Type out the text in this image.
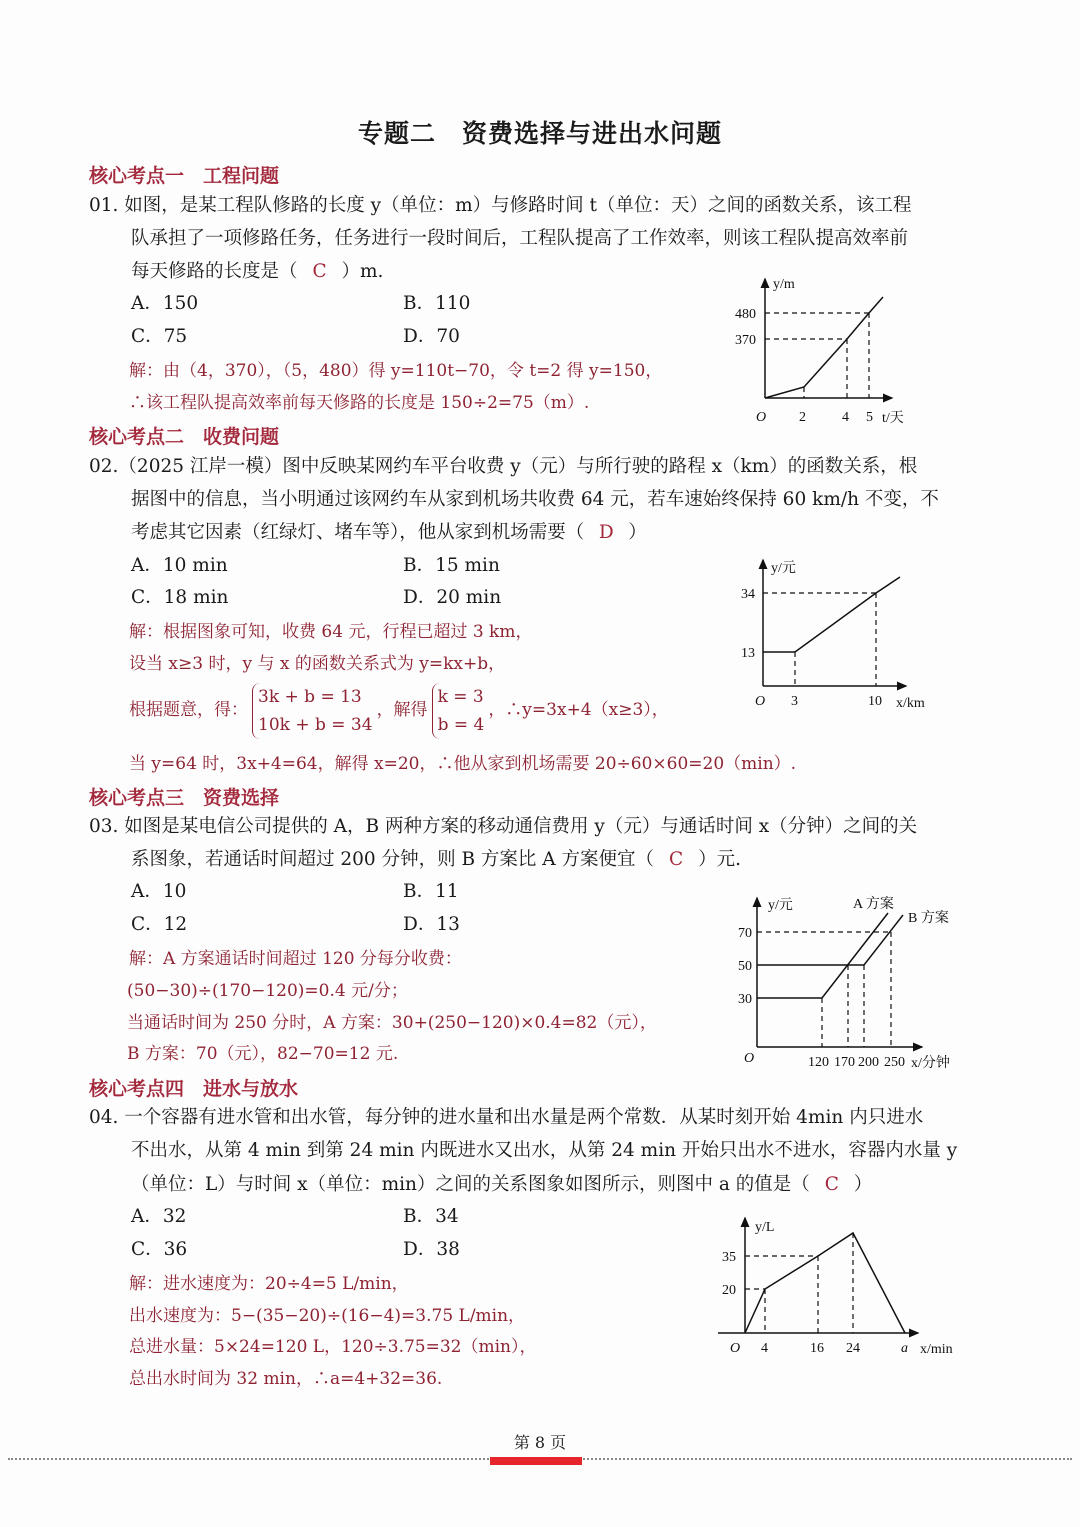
专题二　资费选择与进出水问题
核心考点一　工程问题
01. 如图，是某工程队修路的长度 y（单位：m）与修路时间 t（单位：天）之间的函数关系，该工程
队承担了一项修路任务，任务进行一段时间后，工程队提高了工作效率，则该工程队提高效率前
每天修路的长度是（ C ）m.
A．150	B．110
C．75	D．70
解：由（4，370），（5，480）得 y=110t−70，令 t=2 得 y=150，
∴该工程队提高效率前每天修路的长度是 150÷2=75（m）.
核心考点二　收费问题
02.（2025 江岸一模）图中反映某网约车平台收费 y（元）与所行驶的路程 x（km）的函数关系，根
据图中的信息，当小明通过该网约车从家到机场共收费 64 元，若车速始终保持 60 km/h 不变，不
考虑其它因素（红绿灯、堵车等），他从家到机场需要（ D ）
A．10 min	B．15 min
C．18 min	D．20 min
解：根据图象可知，收费 64 元，行程已超过 3 km，
设当 x≥3 时，y 与 x 的函数关系式为 y=kx+b，
根据题意，得：3k + b = 13
10k + b = 34，解得k = 3
b = 4，∴y=3x+4（x≥3），
当 y=64 时，3x+4=64，解得 x=20，∴他从家到机场需要 20÷60×60=20（min）.
核心考点三　资费选择
03. 如图是某电信公司提供的 A，B 两种方案的移动通信费用 y（元）与通话时间 x（分钟）之间的关
系图象，若通话时间超过 200 分钟，则 B 方案比 A 方案便宜（ C ）元.
A．10	B．11
C．12	D．13
解：A 方案通话时间超过 120 分每分收费：
(50−30)÷(170−120)=0.4 元/分；
当通话时间为 250 分时，A 方案：30+(250−120)×0.4=82（元），
B 方案：70（元），82−70=12 元.
核心考点四　进水与放水
04. 一个容器有进水管和出水管，每分钟的进水量和出水量是两个常数．从某时刻开始 4min 内只进水
不出水，从第 4 min 到第 24 min 内既进水又出水，从第 24 min 开始只出水不进水，容器内水量 y
（单位：L）与时间 x（单位：min）之间的关系图象如图所示，则图中 a 的值是（ C ）
A．32	B．34
C．36	D．38
解：进水速度为：20÷4=5 L/min，
出水速度为：5−(35−20)÷(16−4)=3.75 L/min，
总进水量：5×24=120 L，120÷3.75=32（min），
总出水时间为 32 min，∴a=4+32=36.
y/m
480
370
O 2	4 5 t/天
y/元
34
13
O 3	10 x/km
y/元
70
50
30
O	120 170 200 250 x/分钟
A 方案
B 方案
y/L
35
20
O 4	16 24	a x/min
第 8 页
